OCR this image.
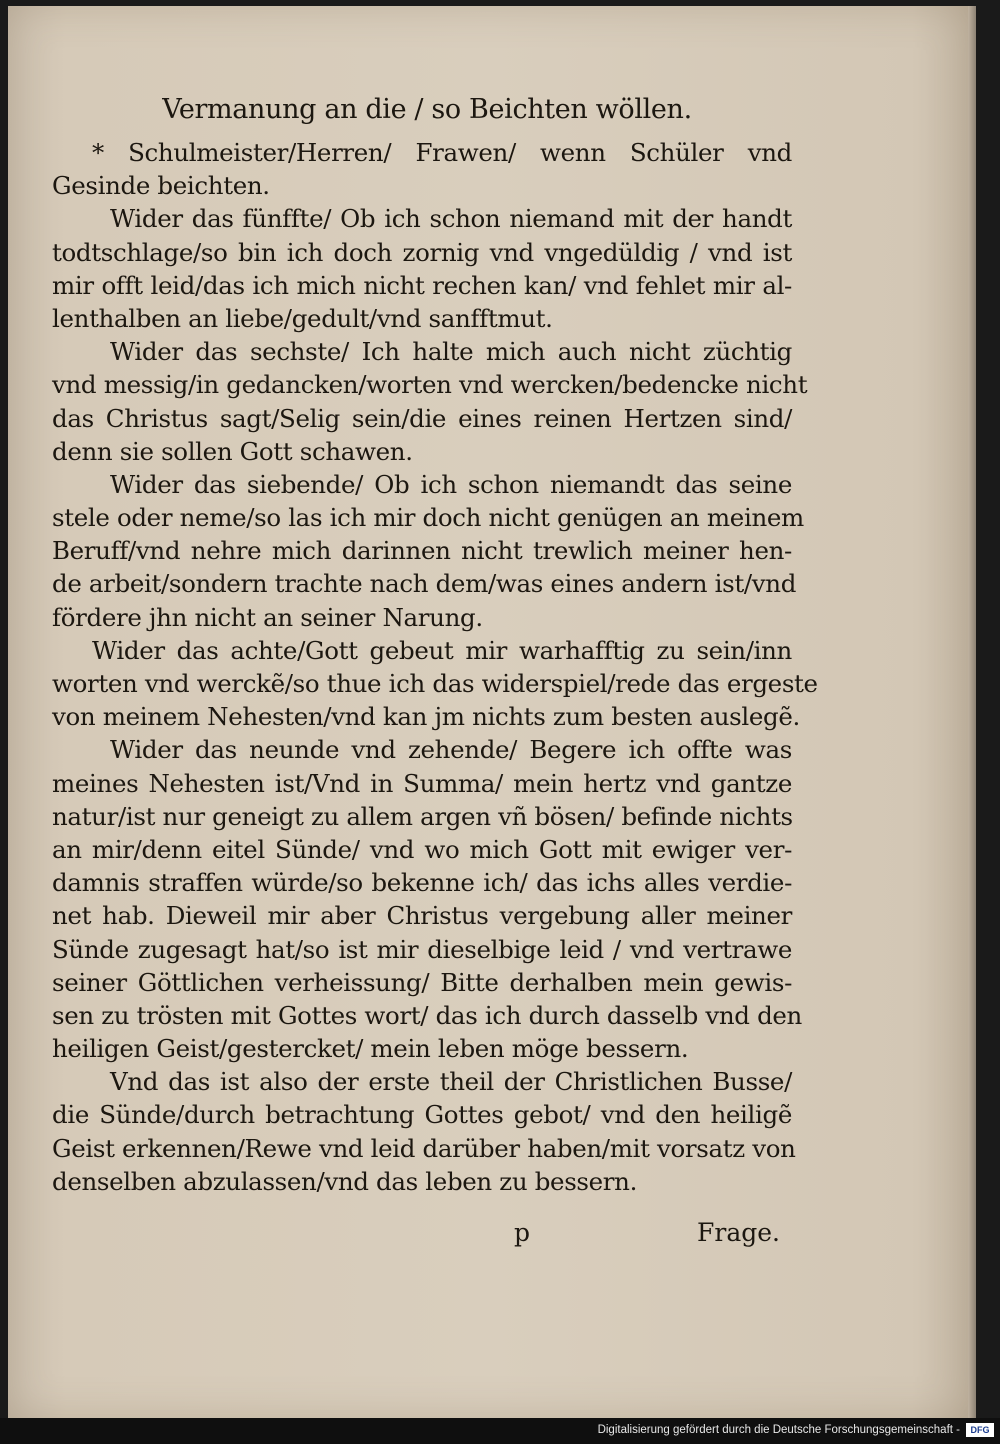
Vermanung an die / so Beichten wöllen.
* Schulmeister/Herren/ Frawen/ wenn Schüler vnd
Gesinde beichten.
Wider das fünffte/ Ob ich schon niemand mit der handt
todtschlage/so bin ich doch zornig vnd vngedüldig / vnd ist
mir offt leid/das ich mich nicht rechen kan/ vnd fehlet mir al-
lenthalben an liebe/gedult/vnd sanfftmut.
Wider das sechste/ Ich halte mich auch nicht züchtig
vnd messig/in gedancken/worten vnd wercken/bedencke nicht
das Christus sagt/Selig sein/die eines reinen Hertzen sind/
denn sie sollen Gott schawen.
Wider das siebende/ Ob ich schon niemandt das seine
stele oder neme/so las ich mir doch nicht genügen an meinem
Beruff/vnd nehre mich darinnen nicht trewlich meiner hen-
de arbeit/sondern trachte nach dem/was eines andern ist/vnd
fördere jhn nicht an seiner Narung.
Wider das achte/Gott gebeut mir warhafftig zu sein/inn
worten vnd werckẽ/so thue ich das widerspiel/rede das ergeste
von meinem Nehesten/vnd kan jm nichts zum besten auslegẽ.
Wider das neunde vnd zehende/ Begere ich offte was
meines Nehesten ist/Vnd in Summa/ mein hertz vnd gantze
natur/ist nur geneigt zu allem argen vñ bösen/ befinde nichts
an mir/denn eitel Sünde/ vnd wo mich Gott mit ewiger ver-
damnis straffen würde/so bekenne ich/ das ichs alles verdie-
net hab. Dieweil mir aber Christus vergebung aller meiner
Sünde zugesagt hat/so ist mir dieselbige leid / vnd vertrawe
seiner Göttlichen verheissung/ Bitte derhalben mein gewis-
sen zu trösten mit Gottes wort/ das ich durch dasselb vnd den
heiligen Geist/gestercket/ mein leben möge bessern.
Vnd das ist also der erste theil der Christlichen Busse/
die Sünde/durch betrachtung Gottes gebot/ vnd den heiligẽ
Geist erkennen/Rewe vnd leid darüber haben/mit vorsatz von
denselben abzulassen/vnd das leben zu bessern.
p	Frage.
Digitalisierung gefördert durch die Deutsche Forschungsgemeinschaft -	DFG
